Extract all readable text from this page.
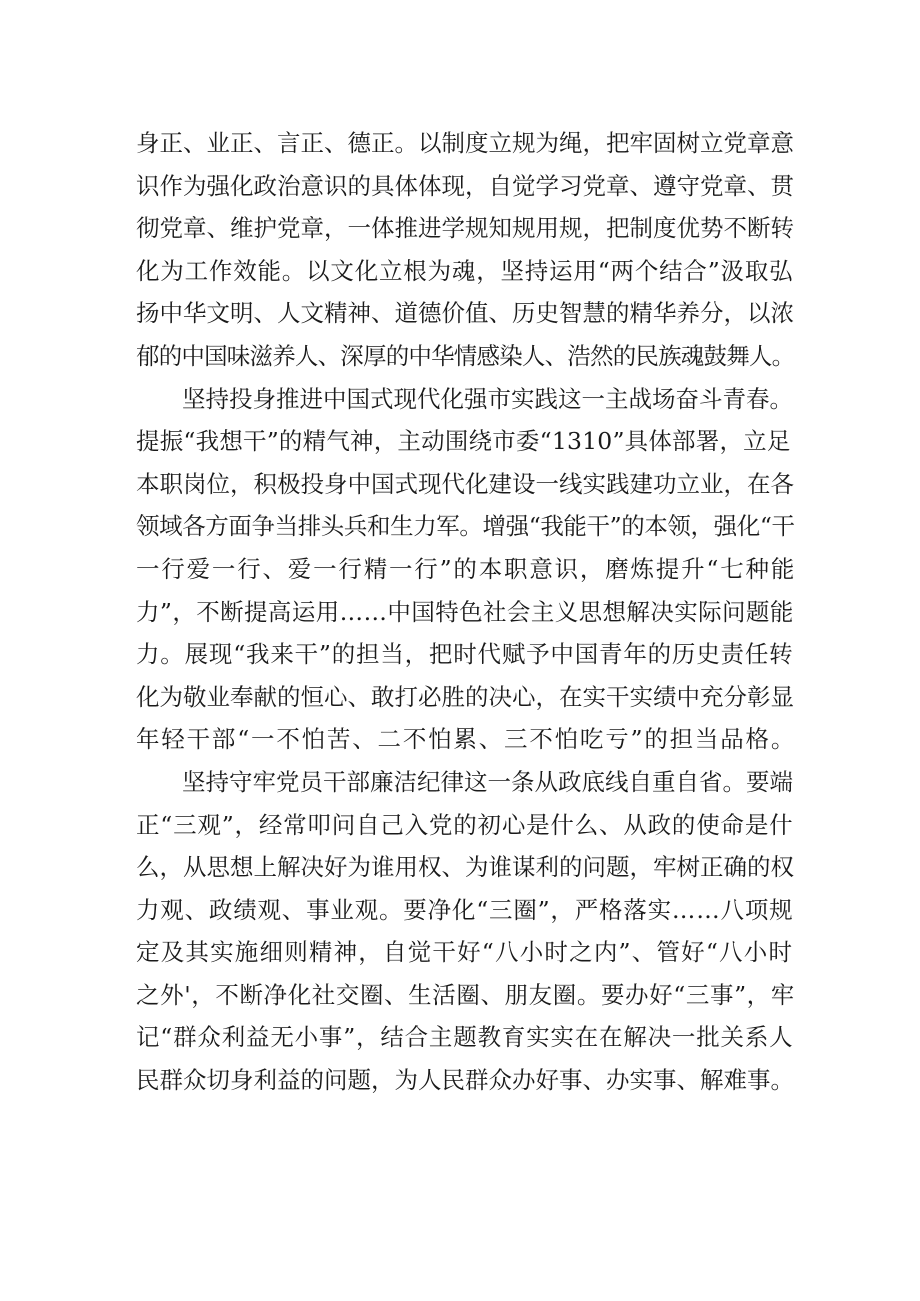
身正、业正、言正、德正。以制度立规为绳，把牢固树立党章意
识作为强化政治意识的具体体现，自觉学习党章、遵守党章、贯
彻党章、维护党章，一体推进学规知规用规，把制度优势不断转
化为工作效能。以文化立根为魂，坚持运用“两个结合”汲取弘
扬中华文明、人文精神、道德价值、历史智慧的精华养分，以浓
郁的中国味滋养人、深厚的中华情感染人、浩然的民族魂鼓舞人。
坚持投身推进中国式现代化强市实践这一主战场奋斗青春。
提振“我想干”的精气神，主动围绕市委“1310”具体部署，立足
本职岗位，积极投身中国式现代化建设一线实践建功立业，在各
领域各方面争当排头兵和生力军。增强“我能干”的本领，强化“干
一行爱一行、爱一行精一行”的本职意识，磨炼提升“七种能
力”，不断提高运用……中国特色社会主义思想解决实际问题能
力。展现“我来干”的担当，把时代赋予中国青年的历史责任转
化为敬业奉献的恒心、敢打必胜的决心，在实干实绩中充分彰显
年轻干部“一不怕苦、二不怕累、三不怕吃亏”的担当品格。
坚持守牢党员干部廉洁纪律这一条从政底线自重自省。要端
正“三观”，经常叩问自己入党的初心是什么、从政的使命是什
么，从思想上解决好为谁用权、为谁谋利的问题，牢树正确的权
力观、政绩观、事业观。要净化“三圈”，严格落实……八项规
定及其实施细则精神，自觉干好“八小时之内”、管好“八小时
之外'，不断净化社交圈、生活圈、朋友圈。要办好“三事”，牢
记“群众利益无小事”，结合主题教育实实在在解决一批关系人
民群众切身利益的问题，为人民群众办好事、办实事、解难事。
